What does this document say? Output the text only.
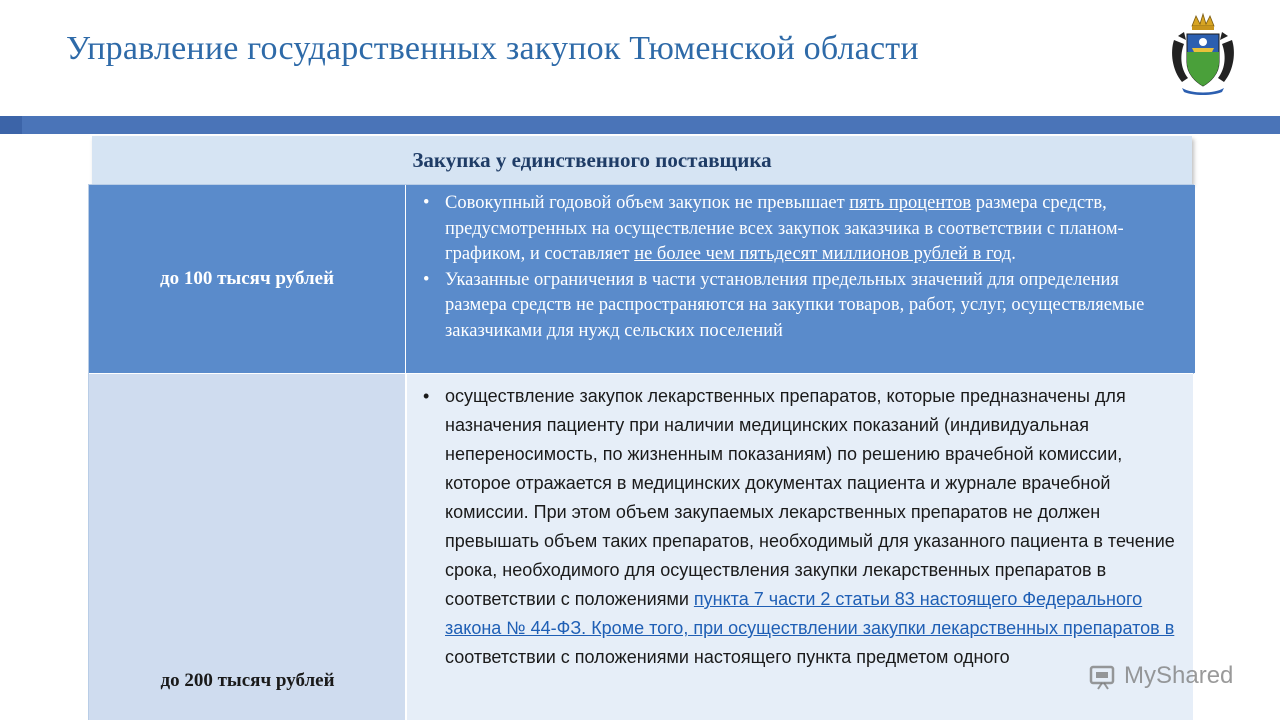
Управление государственных закупок Тюменской области
Закупка у единственного поставщика
до 100 тысяч рублей
• Совокупный годовой объем закупок не превышает пять процентов размера средств, предусмотренных на осуществление всех закупок заказчика в соответствии с планом-графиком, и составляет не более чем пятьдесят миллионов рублей в год.
• Указанные ограничения в части установления предельных значений для определения размера средств не распространяются на закупки товаров, работ, услуг, осуществляемые заказчиками для нужд сельских поселений
до 200 тысяч рублей
• осуществление закупок лекарственных препаратов, которые предназначены для назначения пациенту при наличии медицинских показаний (индивидуальная непереносимость, по жизненным показаниям) по решению врачебной комиссии, которое отражается в медицинских документах пациента и журнале врачебной комиссии. При этом объем закупаемых лекарственных препаратов не должен превышать объем таких препаратов, необходимый для указанного пациента в течение срока, необходимого для осуществления закупки лекарственных препаратов в соответствии с положениями пункта 7 части 2 статьи 83 настоящего Федерального закона № 44-ФЗ. Кроме того, при осуществлении закупки лекарственных препаратов в соответствии с положениями настоящего пункта предметом одного
MyShared
